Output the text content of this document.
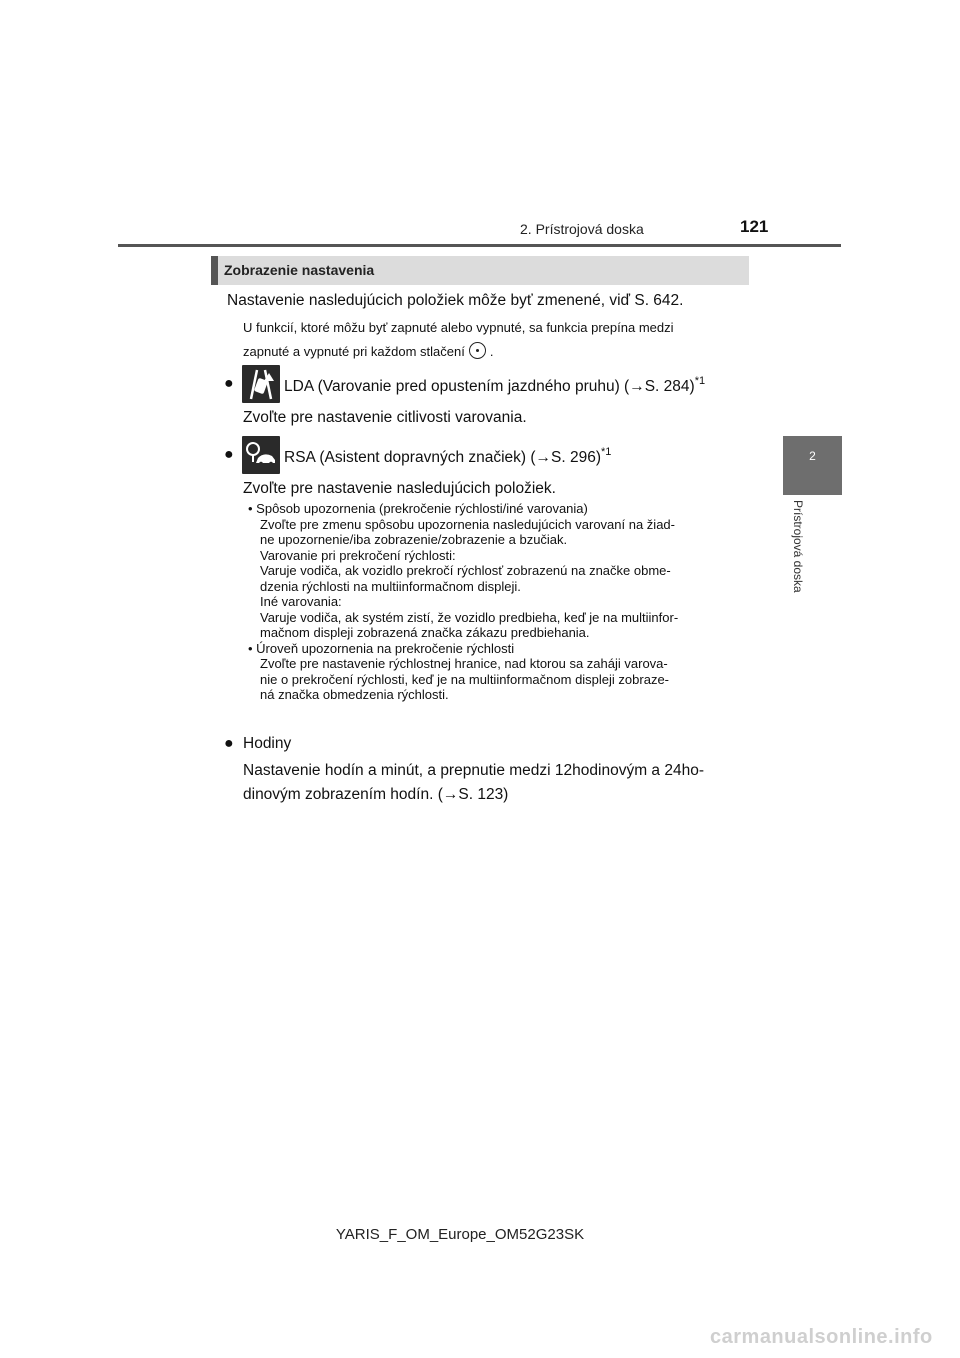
2. Prístrojová doska	121
2
Prístrojová doska
Zobrazenie nastavenia
Nastavenie nasledujúcich položiek môže byť zmenené, viď S. 642.
U funkcií, ktoré môžu byť zapnuté alebo vypnuté, sa funkcia prepína medzi
zapnuté a vypnuté pri každom stlačení .
●	LDA (Varovanie pred opustením jazdného pruhu) (→S. 284)$^{*1}$
Zvoľte pre nastavenie citlivosti varovania.
●	RSA (Asistent dopravných značiek) (→S. 296)$^{*1}$
Zvoľte pre nastavenie nasledujúcich položiek.
• Spôsob upozornenia (prekročenie rýchlosti/iné varovania)
Zvoľte pre zmenu spôsobu upozornenia nasledujúcich varovaní na žiad-
ne upozornenie/iba zobrazenie/zobrazenie a bzučiak.
Varovanie pri prekročení rýchlosti:
Varuje vodiča, ak vozidlo prekročí rýchlosť zobrazenú na značke obme-
dzenia rýchlosti na multiinformačnom displeji.
Iné varovania:
Varuje vodiča, ak systém zistí, že vozidlo predbieha, keď je na multiinfor-
mačnom displeji zobrazená značka zákazu predbiehania.
• Úroveň upozornenia na prekročenie rýchlosti
Zvoľte pre nastavenie rýchlostnej hranice, nad ktorou sa zaháji varova-
nie o prekročení rýchlosti, keď je na multiinformačnom displeji zobraze-
ná značka obmedzenia rýchlosti.
● Hodiny
Nastavenie hodín a minút, a prepnutie medzi 12hodinovým a 24ho-
dinovým zobrazením hodín. (→S. 123)
YARIS_F_OM_Europe_OM52G23SK
carmanualsonline.info
